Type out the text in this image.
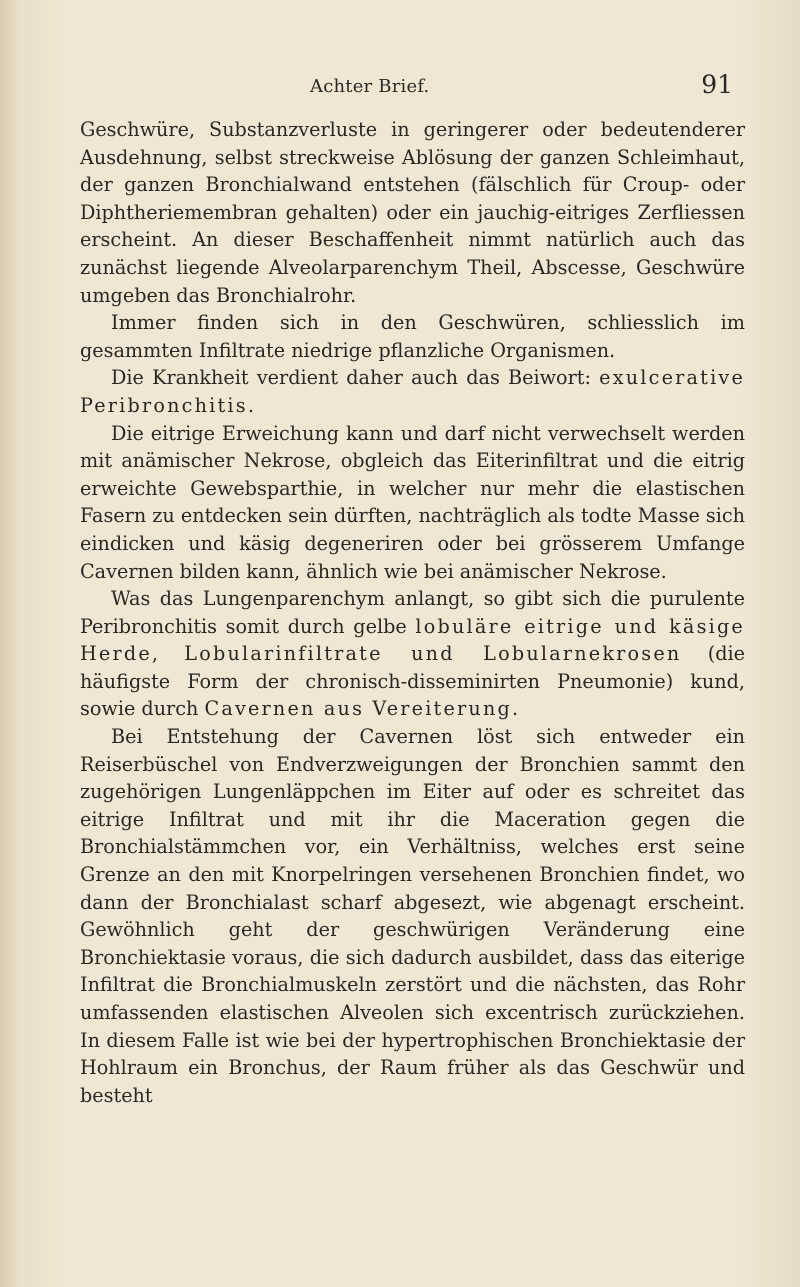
Achter Brief.	91

Geschwüre, Substanzverluste in geringerer oder bedeutenderer Ausdehnung, selbst streckweise Ablösung der ganzen Schleimhaut, der ganzen Bronchialwand entstehen (fälschlich für Croup- oder Diphtheriemembran gehalten) oder ein jauchig-eitriges Zerfliessen erscheint. An dieser Beschaffenheit nimmt natürlich auch das zunächst liegende Alveolarparenchym Theil, Abscesse, Geschwüre umgeben das Bronchialrohr.

Immer finden sich in den Geschwüren, schliesslich im gesammten Infiltrate niedrige pflanzliche Organismen.

Die Krankheit verdient daher auch das Beiwort: exulcerative Peribronchitis.

Die eitrige Erweichung kann und darf nicht verwechselt werden mit anämischer Nekrose, obgleich das Eiterinfiltrat und die eitrig erweichte Gewebsparthie, in welcher nur mehr die elastischen Fasern zu entdecken sein dürften, nachträglich als todte Masse sich eindicken und käsig degeneriren oder bei grösserem Umfange Cavernen bilden kann, ähnlich wie bei anämischer Nekrose.

Was das Lungenparenchym anlangt, so gibt sich die purulente Peribronchitis somit durch gelbe lobuläre eitrige und käsige Herde, Lobularinfiltrate und Lobularnekrosen (die häufigste Form der chronisch-disseminirten Pneumonie) kund, sowie durch Cavernen aus Vereiterung.

Bei Entstehung der Cavernen löst sich entweder ein Reiserbüschel von Endverzweigungen der Bronchien sammt den zugehörigen Lungenläppchen im Eiter auf oder es schreitet das eitrige Infiltrat und mit ihr die Maceration gegen die Bronchialstämmchen vor, ein Verhältniss, welches erst seine Grenze an den mit Knorpelringen versehenen Bronchien findet, wo dann der Bronchialast scharf abgesezt, wie abgenagt erscheint. Gewöhnlich geht der geschwürigen Veränderung eine Bronchiektasie voraus, die sich dadurch ausbildet, dass das eiterige Infiltrat die Bronchialmuskeln zerstört und die nächsten, das Rohr umfassenden elastischen Alveolen sich excentrisch zurückziehen. In diesem Falle ist wie bei der hypertrophischen Bronchiektasie der Hohlraum ein Bronchus, der Raum früher als das Geschwür und besteht
